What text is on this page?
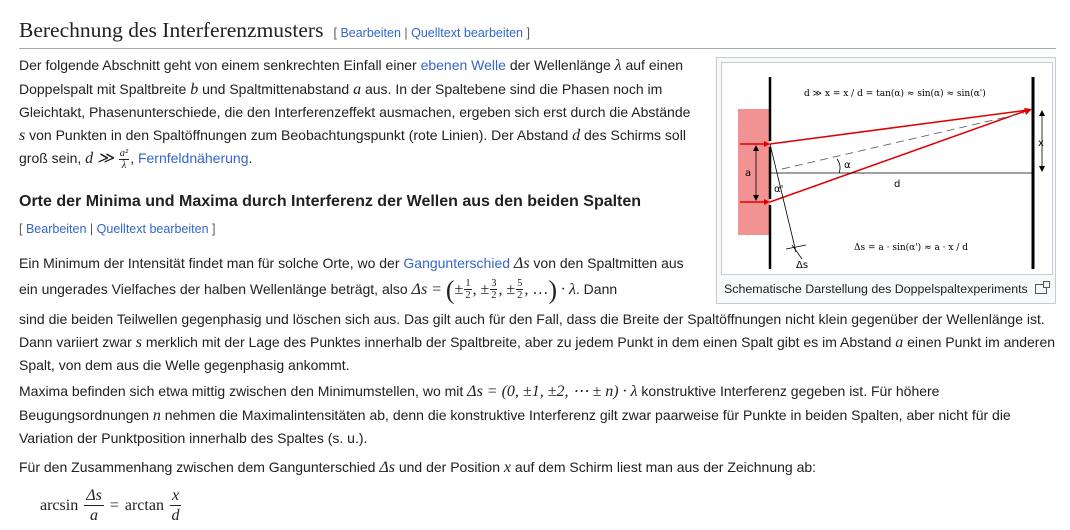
Berechnung des Interferenzmusters [ Bearbeiten | Quelltext bearbeiten ]

Der folgende Abschnitt geht von einem senkrechten Einfall einer ebenen Welle der Wellenlänge λ auf einen Doppelspalt mit Spaltbreite b und Spaltmittenabstand a aus. In der Spaltebene sind die Phasen noch im Gleichtakt, Phasenunterschiede, die den Interferenzeffekt ausmachen, ergeben sich erst durch die Abstände s von Punkten in den Spaltöffnungen zum Beobachtungspunkt (rote Linien). Der Abstand d des Schirms soll groß sein, d ≫ $\frac{\text{a²}}{\lambda}$ , Fernfeldnäherung.

Orte der Minima und Maxima durch Interferenz der Wellen aus den beiden Spalten
[ Bearbeiten | Quelltext bearbeiten ]

Ein Minimum der Intensität findet man für solche Orte, wo der Gangunterschied Δs von den Spaltmitten aus ein ungerades Vielfaches der halben Wellenlänge beträgt, also Δs = (± $\frac{1}{2}$ , ± $\frac{3}{2}$ , ± $\frac{5}{2}$ , …) · λ. Dann

sind die beiden Teilwellen gegenphasig und löschen sich aus. Das gilt auch für den Fall, dass die Breite der Spaltöffnungen nicht klein gegenüber der Wellenlänge ist. Dann variiert zwar s merklich mit der Lage des Punktes innerhalb der Spaltbreite, aber zu jedem Punkt in dem einen Spalt gibt es im Abstand a einen Punkt im anderen Spalt, von dem aus die Welle gegenphasig ankommt.

Maxima befinden sich etwa mittig zwischen den Minimumstellen, wo mit Δs = (0, ±1, ±2, ⋯ ± n) · λ konstruktive Interferenz gegeben ist. Für höhere Beugungsordnungen n nehmen die Maximalintensitäten ab, denn die konstruktive Interferenz gilt zwar paarweise für Punkte in beiden Spalten, aber nicht für die Variation der Punktposition innerhalb des Spaltes (s. u.).

Für den Zusammenhang zwischen dem Gangunterschied Δs und der Position x auf dem Schirm liest man aus der Zeichnung ab:

$\arcsin \frac{\Delta s}{a} = \arctan \frac{x}{d}$
d ≫ x = x / d = tan(α) ≈ sin(α) ≈ sin(α')
Δs = a · sin(α') ≈ a · x / d
a
α
α'	d
x
Δs
Schematische Darstellung des Doppelspaltexperiments
